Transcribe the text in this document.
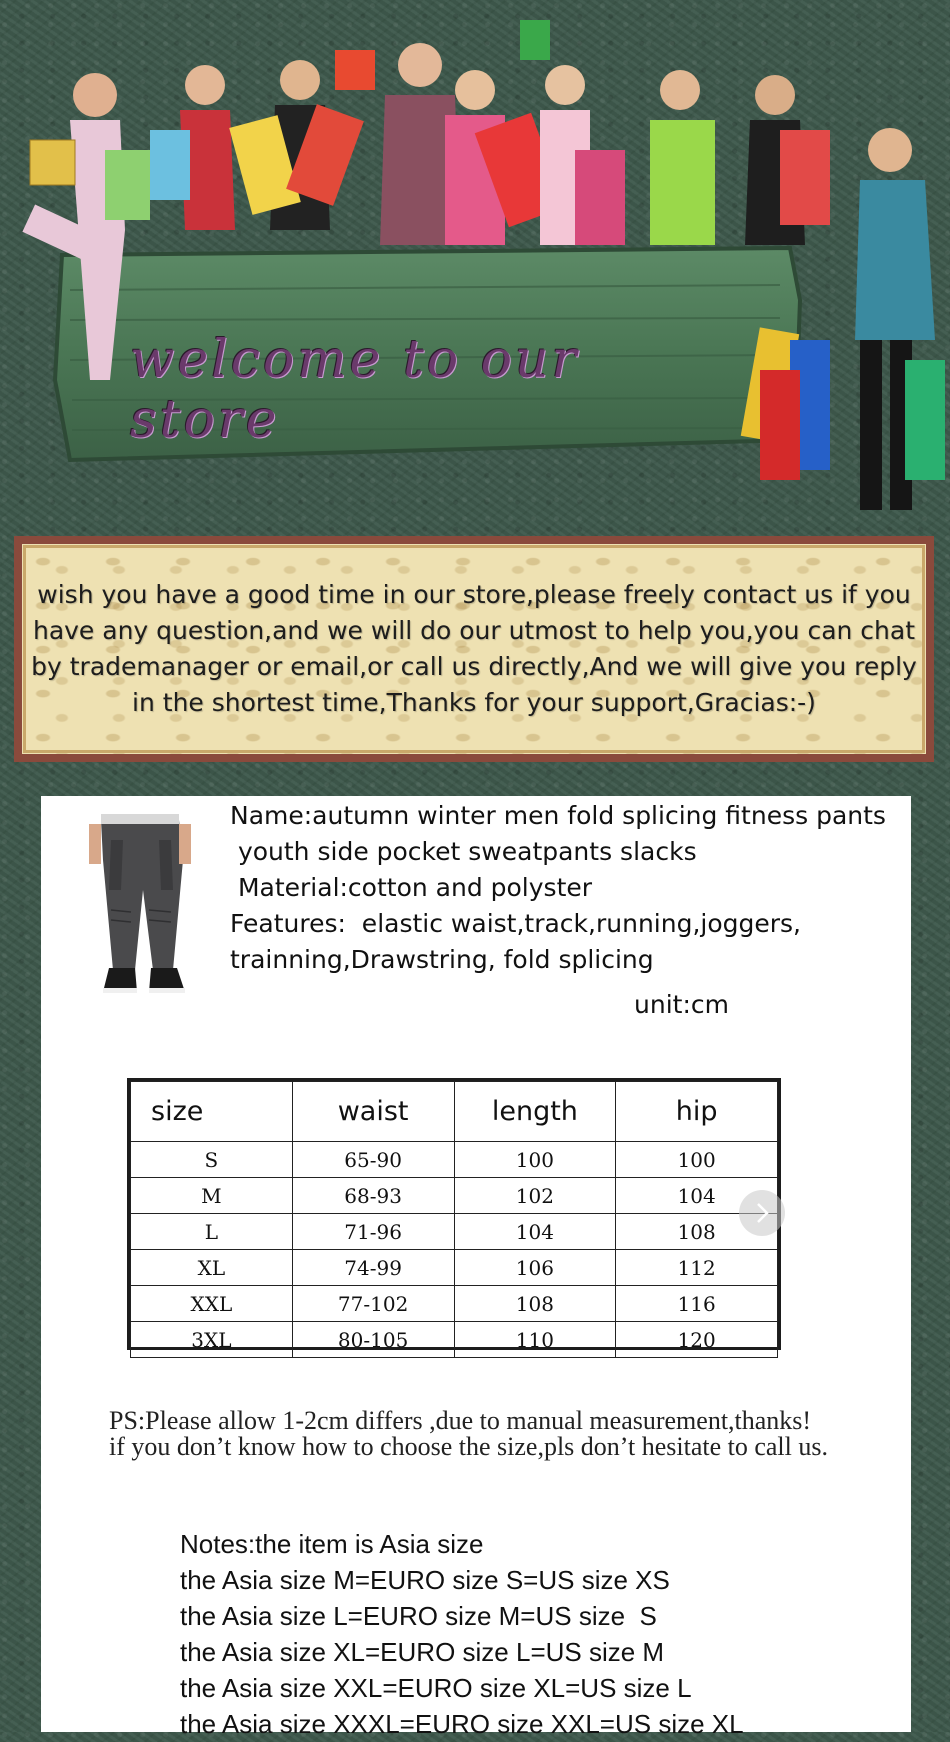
welcome to our store
wish you have a good time in our store,please freely contact us if you have any question,and we will do our utmost to help you,you can chat by trademanager or email,or call us directly,And we will give you reply in the shortest time,Thanks for your support,Gracias:-)
Name:autumn winter men fold splicing fitness pants
youth side pocket sweatpants slacks
Material:cotton and polyster
Features:  elastic waist,track,running,joggers,
trainning,Drawstring, fold splicing
unit:cm
size	waist	length	hip
S	65-90	100	100
M	68-93	102	104
L	71-96	104	108
XL	74-99	106	112
XXL	77-102	108	116
3XL	80-105	110	120
PS:Please allow 1-2cm differs ,due to manual measurement,thanks!
if you don’t know how to choose the size,pls don’t hesitate to call us.
Notes:the item is Asia size
the Asia size M=EURO size S=US size XS
the Asia size L=EURO size M=US size  S
the Asia size XL=EURO size L=US size M
the Asia size XXL=EURO size XL=US size L
the Asia size XXXL=EURO size XXL=US size XL
